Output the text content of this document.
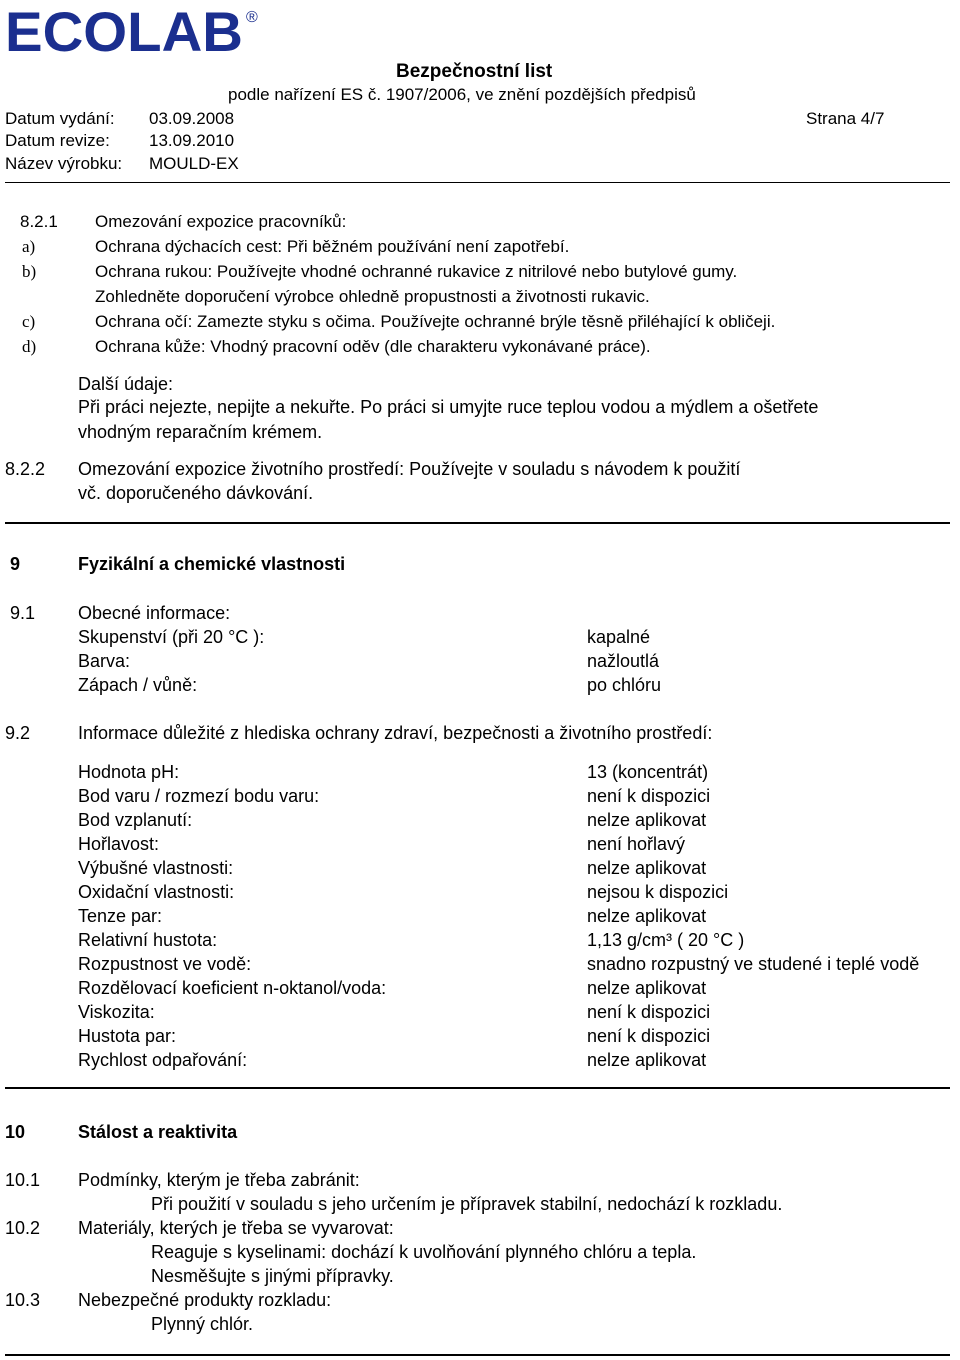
ECOLAB ®
Bezpečnostní list
podle nařízení ES č. 1907/2006, ve znění pozdějších předpisů
Datum vydání: 03.09.2008	Strana 4/7
Datum revize: 13.09.2010
Název výrobku: MOULD-EX
8.2.1 Omezování expozice pracovníků:
a)	Ochrana dýchacích cest: Při běžném používání není zapotřebí.
b)	Ochrana rukou: Používejte vhodné ochranné rukavice z nitrilové nebo butylové gumy.
Zohledněte doporučení výrobce ohledně propustnosti a životnosti rukavic.
c)	Ochrana očí: Zamezte styku s očima. Používejte ochranné brýle těsně přiléhající k obličeji.
d)	Ochrana kůže: Vhodný pracovní oděv (dle charakteru vykonávané práce).
Další údaje:
Při práci nejezte, nepijte a nekuřte. Po práci si umyjte ruce teplou vodou a mýdlem a ošetřete
vhodným reparačním krémem.
8.2.2 Omezování expozice životního prostředí: Používejte v souladu s návodem k použití
vč. doporučeného dávkování.
9	Fyzikální a chemické vlastnosti
9.1 Obecné informace:
Skupenství (při 20 °C ):	kapalné
Barva:	nažloutlá
Zápach / vůně:	po chlóru
9.2	Informace důležité z hlediska ochrany zdraví, bezpečnosti a životního prostředí:
Hodnota pH:	13 (koncentrát)
Bod varu / rozmezí bodu varu:	není k dispozici
Bod vzplanutí:	nelze aplikovat
Hořlavost:	není hořlavý
Výbušné vlastnosti:	nelze aplikovat
Oxidační vlastnosti:	nejsou k dispozici
Tenze par:	nelze aplikovat
Relativní hustota:	1,13 g/cm³ ( 20 °C )
Rozpustnost ve vodě:	snadno rozpustný ve studené i teplé vodě
Rozdělovací koeficient n-oktanol/voda:	nelze aplikovat
Viskozita:	není k dispozici
Hustota par:	není k dispozici
Rychlost odpařování:	nelze aplikovat
10	Stálost a reaktivita
10.1 Podmínky, kterým je třeba zabránit:
Při použití v souladu s jeho určením je přípravek stabilní, nedochází k rozkladu.
10.2 Materiály, kterých je třeba se vyvarovat:
Reaguje s kyselinami: dochází k uvolňování plynného chlóru a tepla.
Nesměšujte s jinými přípravky.
10.3 Nebezpečné produkty rozkladu:
Plynný chlór.
